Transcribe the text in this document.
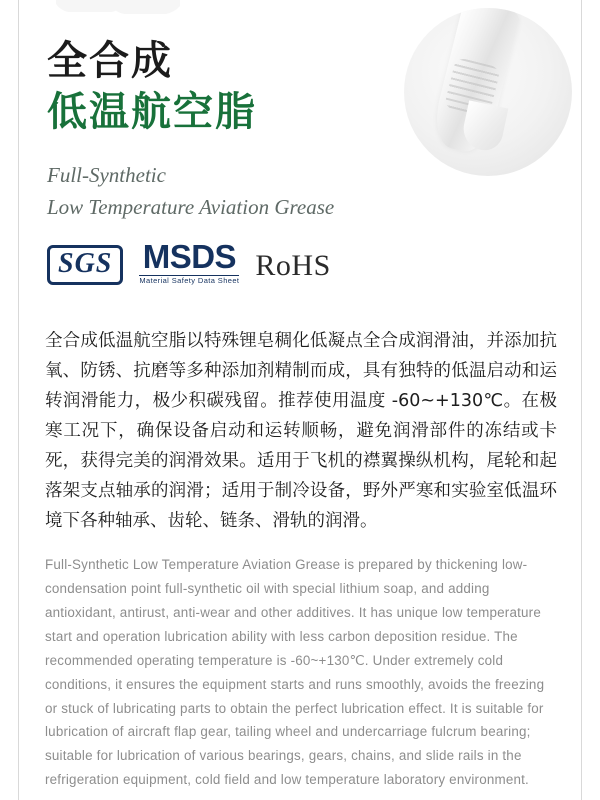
全合成
低温航空脂
Full-Synthetic
Low Temperature Aviation Grease
SGS MSDS
Material Safety Data Sheet RoHS

全合成低温航空脂以特殊锂皂稠化低凝点全合成润滑油，并添加抗氧、防锈、抗磨等多种添加剂精制而成，具有独特的低温启动和运转润滑能力，极少积碳残留。推荐使用温度 -60~+130℃。在极寒工况下，确保设备启动和运转顺畅，避免润滑部件的冻结或卡死，获得完美的润滑效果。适用于飞机的襟翼操纵机构，尾轮和起落架支点轴承的润滑；适用于制冷设备，野外严寒和实验室低温环境下各种轴承、齿轮、链条、滑轨的润滑。

Full-Synthetic Low Temperature Aviation Grease is prepared by thickening low-condensation point full-synthetic oil with special lithium soap, and adding antioxidant, antirust, anti-wear and other additives. It has unique low temperature start and operation lubrication ability with less carbon deposition residue. The recommended operating temperature is -60~+130℃. Under extremely cold conditions, it ensures the equipment starts and runs smoothly, avoids the freezing or stuck of lubricating parts to obtain the perfect lubrication effect. It is suitable for lubrication of aircraft flap gear, tailing wheel and undercarriage fulcrum bearing; suitable for lubrication of various bearings, gears, chains, and slide rails in the refrigeration equipment, cold field and low temperature laboratory environment.
